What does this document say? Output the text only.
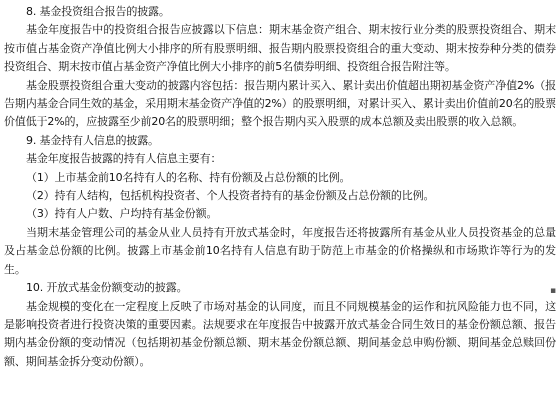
8. 基金投资组合报告的披露。

基金年度报告中的投资组合报告应披露以下信息：期末基金资产组合、期末按行业分类的股票投资组合、期末按市值占基金资产净值比例大小排序的所有股票明细、报告期内股票投资组合的重大变动、期末按券种分类的债券投资组合、期末按市值占基金资产净值比例大小排序的前5名债券明细、投资组合报告附注等。

基金股票投资组合重大变动的披露内容包括：报告期内累计买入、累计卖出价值超出期初基金资产净值2%（报告期内基金合同生效的基金，采用期末基金资产净值的2%）的股票明细，对累计买入、累计卖出价值前20名的股票价值低于2%的，应披露至少前20名的股票明细；整个报告期内买入股票的成本总额及卖出股票的收入总额。

9. 基金持有人信息的披露。

基金年度报告披露的持有人信息主要有：

（1）上市基金前10名持有人的名称、持有份额及占总份额的比例。

（2）持有人结构，包括机构投资者、个人投资者持有的基金份额及占总份额的比例。

（3）持有人户数、户均持有基金份额。

当期末基金管理公司的基金从业人员持有开放式基金时，年度报告还将披露所有基金从业人员投资基金的总量及占基金总份额的比例。披露上市基金前10名持有人信息有助于防范上市基金的价格操纵和市场欺诈等行为的发生。

10. 开放式基金份额变动的披露。

基金规模的变化在一定程度上反映了市场对基金的认同度，而且不同规模基金的运作和抗风险能力也不同，这是影响投资者进行投资决策的重要因素。法规要求在年度报告中披露开放式基金合同生效日的基金份额总额、报告期内基金份额的变动情况（包括期初基金份额总额、期末基金份额总额、期间基金总申购份额、期间基金总赎回份额、期间基金拆分变动份额）。

▪
